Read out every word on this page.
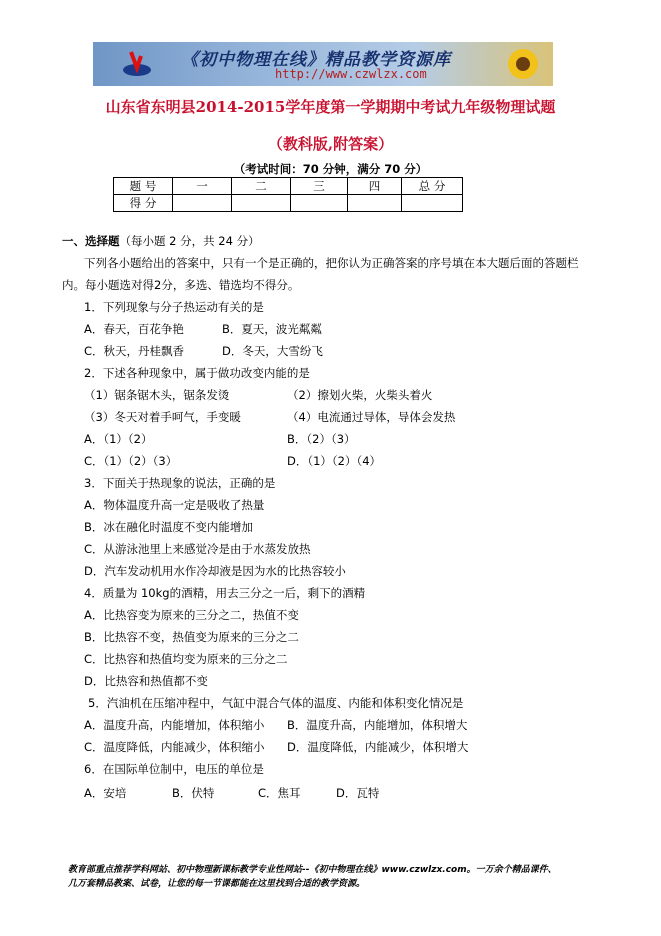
《初中物理在线》精品教学资源库
http://www.czwlzx.com
山东省东明县2014-2015学年度第一学期期中考试九年级物理试题
（教科版,附答案）
（考试时间：70 分钟，满分 70 分）
题 号	一	二	三	四	总 分
得 分					
一、选择题（每小题 2 分，共 24 分）
下列各小题给出的答案中，只有一个是正确的，把你认为正确答案的序号填在本大题后面的答题栏
内。每小题选对得2分，多选、错选均不得分。
1．下列现象与分子热运动有关的是
A．春天，百花争艳	B．夏天，波光粼粼
C．秋天，丹桂飘香	D．冬天，大雪纷飞
2．下述各种现象中，属于做功改变内能的是
（1）锯条锯木头，锯条发烫	（2）擦划火柴，火柴头着火
（3）冬天对着手呵气，手变暖	（4）电流通过导体，导体会发热
A．（1）（2）	B．（2）（3）
C．（1）（2）（3）	D．（1）（2）（4）
3．下面关于热现象的说法，正确的是
A．物体温度升高一定是吸收了热量
B．冰在融化时温度不变内能增加
C．从游泳池里上来感觉冷是由于水蒸发放热
D．汽车发动机用水作冷却液是因为水的比热容较小
4．质量为 10kg的酒精，用去三分之一后，剩下的酒精
A．比热容变为原来的三分之二，热值不变
B．比热容不变，热值变为原来的三分之二
C．比热容和热值均变为原来的三分之二
D．比热容和热值都不变
5．汽油机在压缩冲程中，气缸中混合气体的温度、内能和体积变化情况是
A．温度升高，内能增加，体积缩小 B．温度升高，内能增加，体积增大
C．温度降低，内能减少，体积缩小 D．温度降低，内能减少，体积增大
6．在国际单位制中，电压的单位是
A．安培	B．伏特	C．焦耳	D．瓦特
教育部重点推荐学科网站、初中物理新课标教学专业性网站--《初中物理在线》www.czwlzx.com。一万余个精品课件、
几万套精品教案、试卷，让您的每一节课都能在这里找到合适的教学资源。
